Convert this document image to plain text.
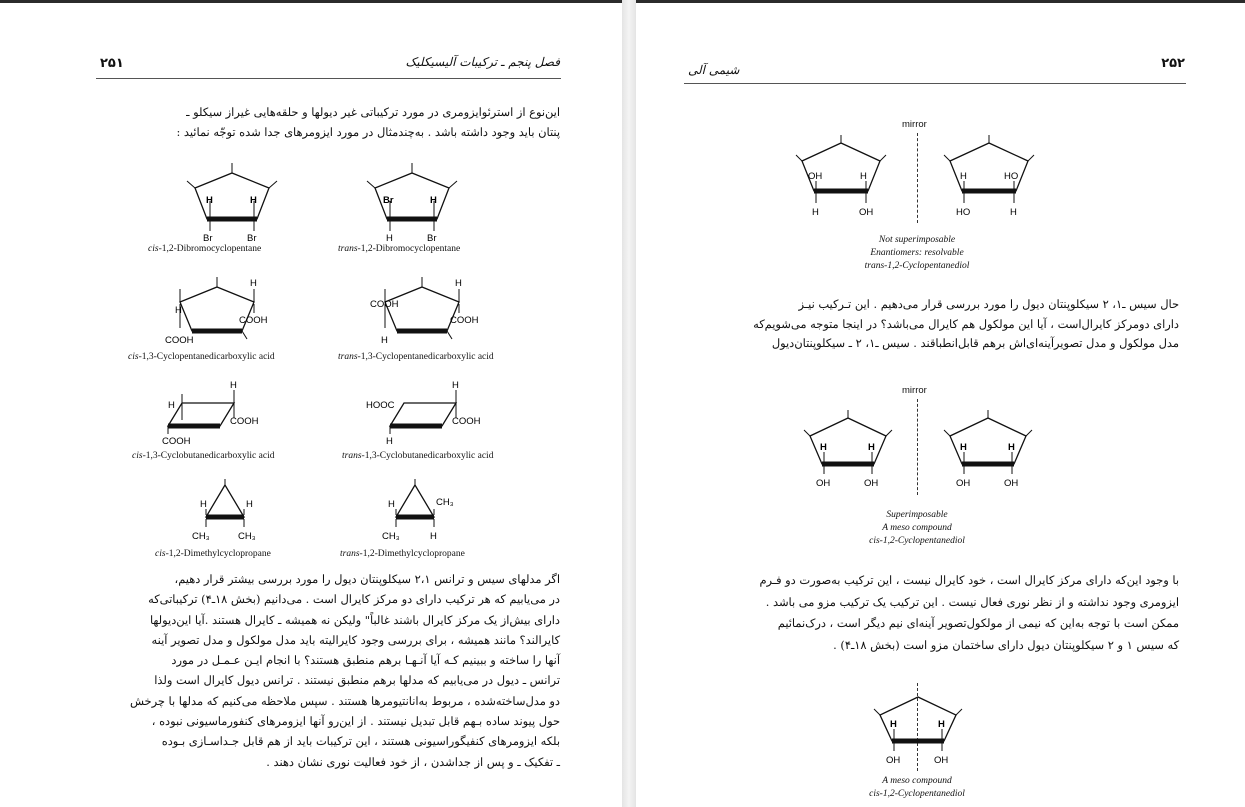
۲۵۱	فصل پنجم ـ ترکیبات آلیسیکلیک

این‌نوع از استرئوایزومری در مورد ترکیباتی غیر دیولها و حلقه‌هایی غیراز سیکلو ـ

پنتان باید وجود داشته باشد . به‌چندمثال در مورد ایزومرهای جدا شده توجّه نمائید :

H	H
Br	Br
cis-1,2-Dibromocyclopentane
Br	H
H	Br
trans-1,2-Dibromocyclopentane
H
H
COOH
COOH
cis-1,3-Cyclopentanedicarboxylic acid
COOH
H
COOH
H
trans-1,3-Cyclopentanedicarboxylic acid
H
H
COOH
COOH
cis-1,3-Cyclobutanedicarboxylic acid
H
HOOC
COOH
H
trans-1,3-Cyclobutanedicarboxylic acid
H	H
CH₃	CH₃
cis-1,2-Dimethylcyclopropane
H	CH₃
CH₃	H
trans-1,2-Dimethylcyclopropane

اگر مدلهای سیس و ترانس ۲،۱ سیکلوپنتان دیول را مورد بررسی بیشتر قرار دهیم،

در می‌یابیم که هر ترکیب دارای دو مرکز کایرال است . می‌دانیم (بخش ۱۸ـ۴) ترکیباتی‌که

دارای بیش‌از یک مرکز کایرال باشند غالباً" ولیکن نه همیشه ـ کایرال هستند .آیا این‌دیولها

کایرالند؟ مانند همیشه ، برای بررسی وجود کایرالیته باید مدل مولکول و مدل تصویر آینه

آنها را ساخته و ببینیم کـه آیا آنـهـا برهم منطبق هستند؟ با انجام ایـن عـمـل در مورد

ترانس ـ دیول در می‌یابیم که مدلها برهم منطبق نیستند . ترانس دیول کایرال است ولذا

دو مدل‌ساخته‌شده ، مربوط به‌انانتیومرها هستند . سپس ملاحظه می‌کنیم که مدلها با چرخش

حول پیوند ساده بـهم قابل تبدیل نیستند . از این‌رو آنها ایزومرهای کنفورماسیونی نبوده ،

بلکه ایزومرهای کنفیگوراسیونی هستند ، این ترکیبات باید از هم قابل جـداسـازی بـوده

ـ تفکیک ـ و پس از جداشدن ، از خود فعالیت نوری نشان دهند .

شیمی آلی	۲۵۲
mirror
OH	H
H	OH
H	HO
HO	H
Not superimposable
Enantiomers: resolvable
trans-1,2-Cyclopentanediol

حال سیس ـ۱، ۲ سیکلوپنتان دیول را مورد بررسی قرار می‌دهیم . این تـرکیب نیـز

دارای دومرکز کایرال‌است ، آیا این مولکول هم کایرال می‌باشد؟ در اینجا متوجه می‌شویم‌که

مدل مولکول و مدل تصویرآینه‌ای‌اش برهم قابل‌انطباقند . سیس ـ۱، ۲ ـ سیکلوپنتان‌دیول

mirror
H	H
OH	OH
H	H
OH	OH
Superimposable
A meso compound
cis-1,2-Cyclopentanediol

با وجود این‌که دارای مرکز کایرال است ، خود کایرال نیست ، این ترکیب به‌صورت دو فـرم

ایزومری وجود نداشته و از نظر نوری فعال نیست . این ترکیب یک ترکیب مزو می باشد .

ممکن است با توجه به‌این که نیمی از مولکول‌تصویر آینه‌ای نیم دیگر است ، درک‌نمائیم

که سیس ۱ و ۲ سیکلوپنتان دیول دارای ساختمان مزو است (بخش ۱۸ـ۴) .

H	H
OH	OH
A meso compound
cis-1,2-Cyclopentanediol
